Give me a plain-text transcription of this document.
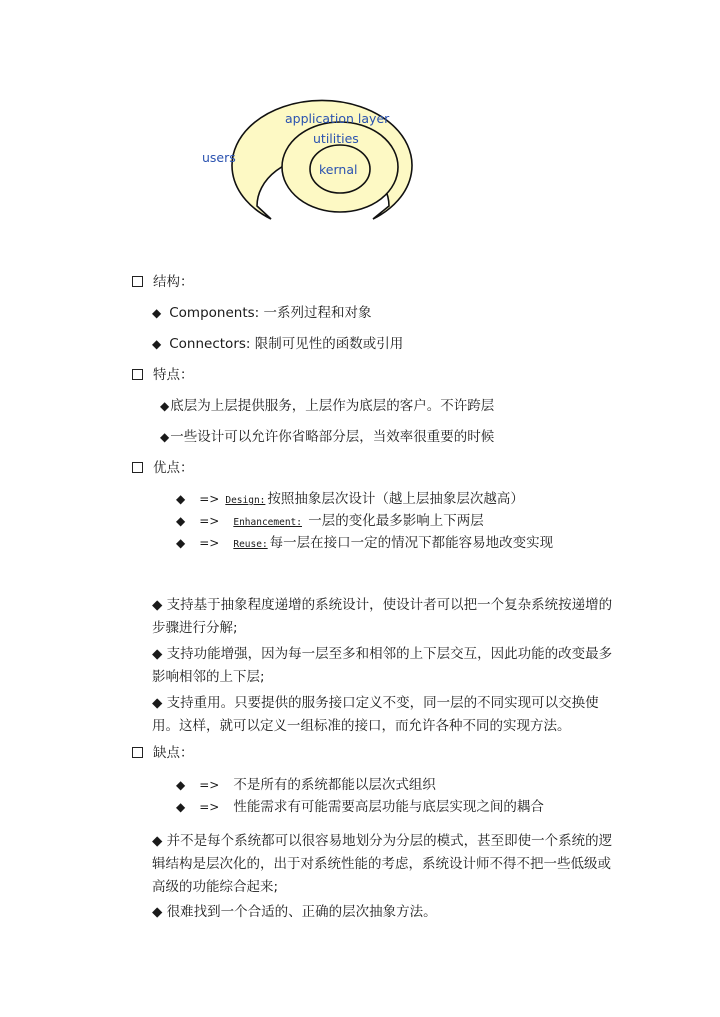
users
application layer
utilities
kernal
结构：
◆ Components: 一系列过程和对象
◆ Connectors: 限制可见性的函数或引用
特点：
◆底层为上层提供服务，上层作为底层的客户。不许跨层
◆一些设计可以允许你省略部分层，当效率很重要的时候
优点：
◆ => Design: 按照抽象层次设计（越上层抽象层次越高）
◆ => Enhancement: 一层的变化最多影响上下两层
◆ => Reuse: 每一层在接口一定的情况下都能容易地改变实现
◆ 支持基于抽象程度递增的系统设计，使设计者可以把一个复杂系统按递增的步骤进行分解;
◆ 支持功能增强，因为每一层至多和相邻的上下层交互，因此功能的改变最多影响相邻的上下层;
◆ 支持重用。只要提供的服务接口定义不变，同一层的不同实现可以交换使用。这样，就可以定义一组标准的接口，而允许各种不同的实现方法。
缺点：
◆ => 不是所有的系统都能以层次式组织
◆ => 性能需求有可能需要高层功能与底层实现之间的耦合
◆ 并不是每个系统都可以很容易地划分为分层的模式，甚至即使一个系统的逻辑结构是层次化的，出于对系统性能的考虑，系统设计师不得不把一些低级或高级的功能综合起来;
◆ 很难找到一个合适的、正确的层次抽象方法。
